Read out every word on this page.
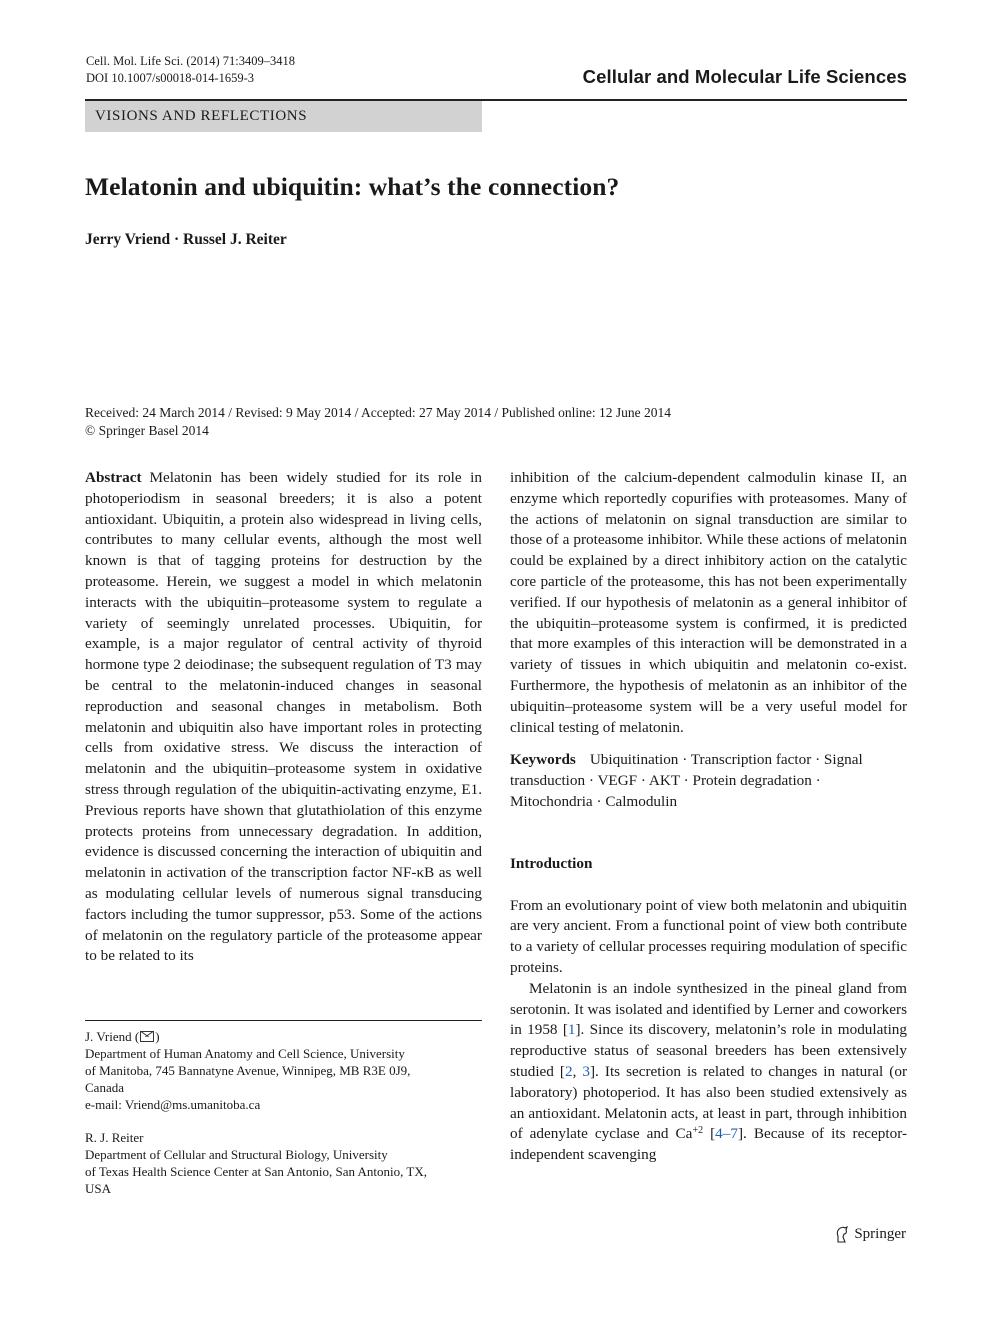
Cell. Mol. Life Sci. (2014) 71:3409–3418
DOI 10.1007/s00018-014-1659-3	Cellular and Molecular Life Sciences
VISIONS AND REFLECTIONS
Melatonin and ubiquitin: what’s the connection?
Jerry Vriend · Russel J. Reiter
Received: 24 March 2014 / Revised: 9 May 2014 / Accepted: 27 May 2014 / Published online: 12 June 2014
© Springer Basel 2014

Abstract Melatonin has been widely studied for its role in photoperiodism in seasonal breeders; it is also a potent antioxidant. Ubiquitin, a protein also widespread in living cells, contributes to many cellular events, although the most well known is that of tagging proteins for destruction by the proteasome. Herein, we suggest a model in which melatonin interacts with the ubiquitin–proteasome system to regulate a variety of seemingly unrelated processes. Ubiquitin, for example, is a major regulator of central activity of thyroid hormone type 2 deiodinase; the subsequent regulation of T3 may be central to the melatonin-induced changes in seasonal reproduction and seasonal changes in metabolism. Both melatonin and ubiquitin also have important roles in protecting cells from oxidative stress. We discuss the interaction of melatonin and the ubiquitin–proteasome system in oxidative stress through regulation of the ubiquitin-activating enzyme, E1. Previous reports have shown that glutathiolation of this enzyme protects proteins from unnecessary degradation. In addition, evidence is discussed concerning the interaction of ubiquitin and melatonin in activation of the transcription factor NF-κB as well as modulating cellular levels of numerous signal transducing factors including the tumor suppressor, p53. Some of the actions of melatonin on the regulatory particle of the proteasome appear to be related to its

inhibition of the calcium-dependent calmodulin kinase II, an enzyme which reportedly copurifies with proteasomes. Many of the actions of melatonin on signal transduction are similar to those of a proteasome inhibitor. While these actions of melatonin could be explained by a direct inhibitory action on the catalytic core particle of the proteasome, this has not been experimentally verified. If our hypothesis of melatonin as a general inhibitor of the ubiquitin–proteasome system is confirmed, it is predicted that more examples of this interaction will be demonstrated in a variety of tissues in which ubiquitin and melatonin co-exist. Furthermore, the hypothesis of melatonin as an inhibitor of the ubiquitin–proteasome system will be a very useful model for clinical testing of melatonin.

Keywords Ubiquitination · Transcription factor · Signal transduction · VEGF · AKT · Protein degradation · Mitochondria · Calmodulin

Introduction

From an evolutionary point of view both melatonin and ubiquitin are very ancient. From a functional point of view both contribute to a variety of cellular processes requiring modulation of specific proteins.

Melatonin is an indole synthesized in the pineal gland from serotonin. It was isolated and identified by Lerner and coworkers in 1958 [1]. Since its discovery, melatonin’s role in modulating reproductive status of seasonal breeders has been extensively studied [2, 3]. Its secretion is related to changes in natural (or laboratory) photoperiod. It has also been studied extensively as an antioxidant. Melatonin acts, at least in part, through inhibition of adenylate cyclase and $Ca^{+2}$ [4–7]. Because of its receptor-independent scavenging

J. Vriend ( )

Department of Human Anatomy and Cell Science, University

of Manitoba, 745 Bannatyne Avenue, Winnipeg, MB R3E 0J9,

Canada

e-mail: Vriend@ms.umanitoba.ca

R. J. Reiter

Department of Cellular and Structural Biology, University

of Texas Health Science Center at San Antonio, San Antonio, TX,

USA

Springer
